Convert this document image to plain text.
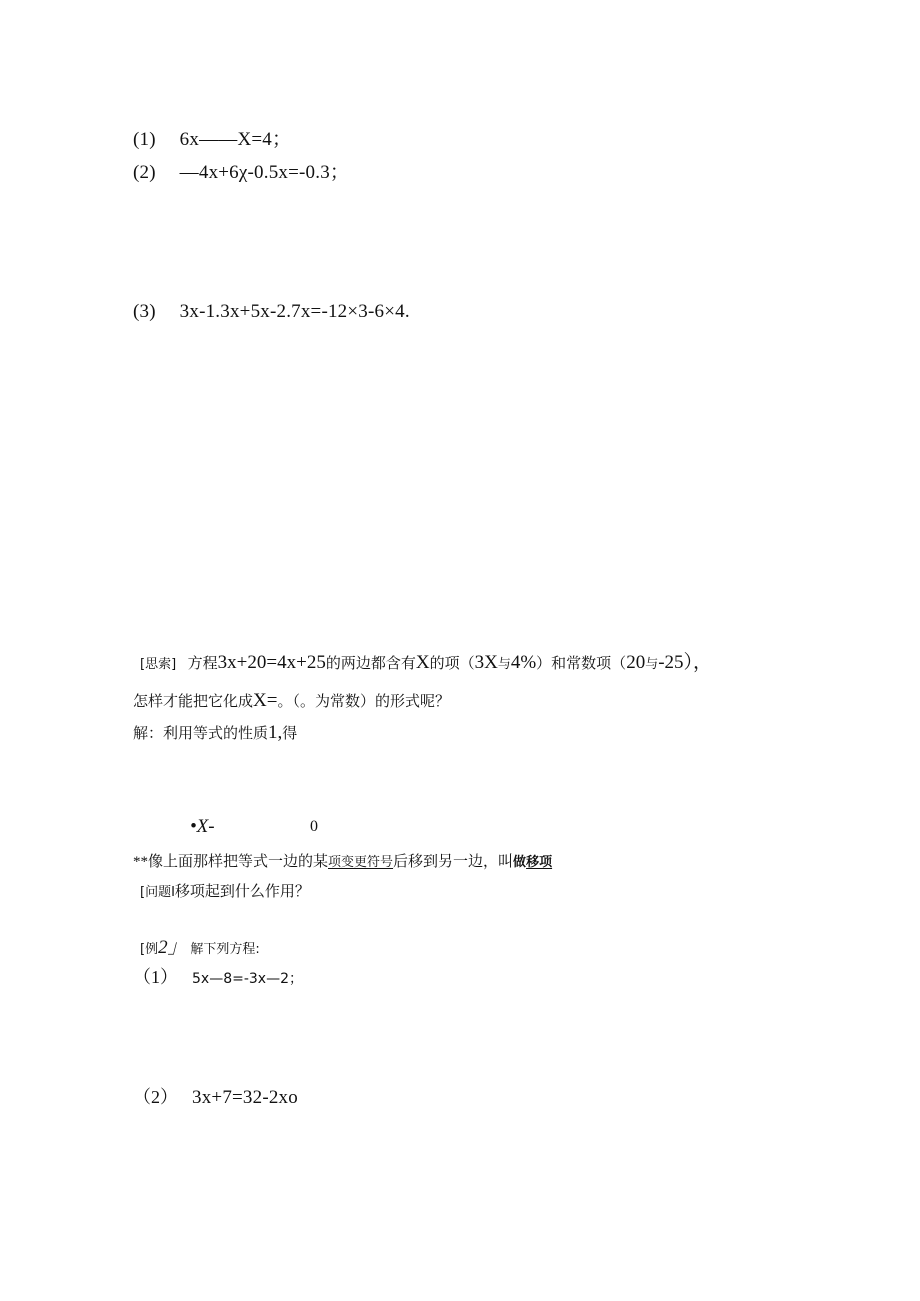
(1) 6x——X=4；
(2) —4x+6χ-0.5x=-0.3；
(3) 3x-1.3x+5x-2.7x=-12×3-6×4.
[思索] 方程3x+20=4x+25的两边都含有X的项（3X与4%）和常数项（20与-25），
怎样才能把它化成X=。（。为常数）的形式呢？
解：利用等式的性质1,得
•X-	0
**像上面那样把等式一边的某项变更符号后移到另一边，叫做移项
[问题I移项起到什么作用？
[例2」 解下列方程:
（1） 5x—8=‑3x—2；
（2） 3x+7=32-2xo
